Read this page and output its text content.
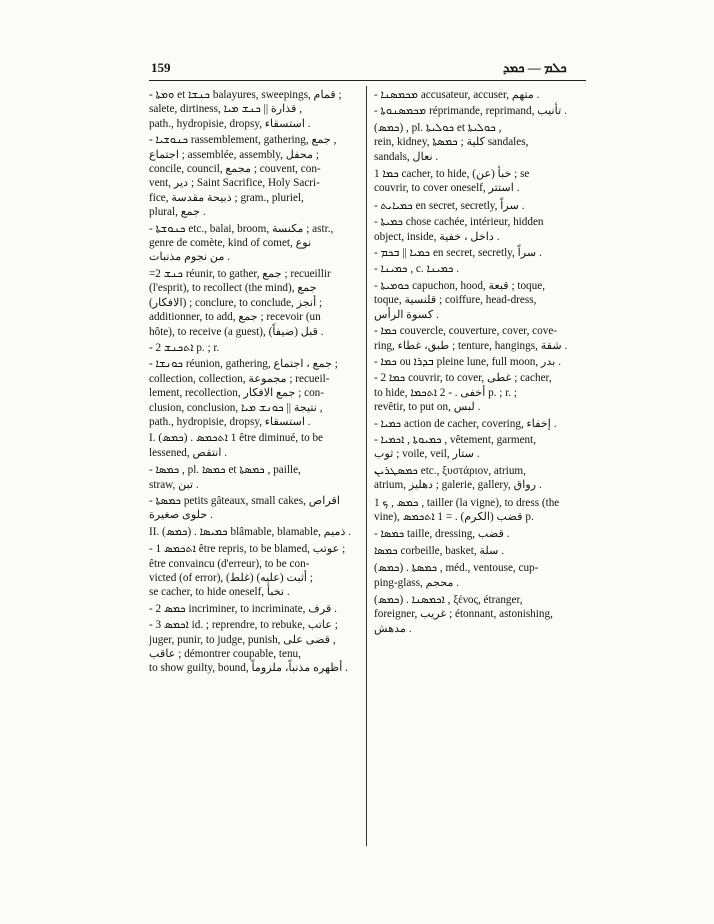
159	ܟܠܡ — ܟܡܕ
- ܘܡܬܐ et ܟܢܫܐ balayures, sweepings, قمام ;
salete, dirtiness, قذارة || ܟܢܫ ܡܝܐ ,
path., hydropisie, dropsy, استسقاء .
- ܟܢܘܫܝܐ rassemblement, gathering, جمع ,
اجتماع ; assemblée, assembly, محفل ;
concile, council, مجمع ; couvent, con-
vent, دير ; Saint Sacrifice, Holy Sacri-
fice, ذبيحة مقدسة ; gram., pluriel,
plural, جمع .
- ܟܢܘܫܬܐ etc., balai, broom, مكنسة ; astr.,
genre de comète, kind of comet, نوع
من نجوم مذنبات .
=2 ܟܢܫ réunir, to gather, جمع ; recueillir
(l'esprit), to recollect (the mind), جمع
(الافكار) ; conclure, to conclude, أنجز ;
additionner, to add, جمع ; recevoir (un
hôte), to receive (a guest), قبل (ضيفاً) .
- 2 ܐܬܟܢܫ p. ; r.
- ܟܘܢܫܐ réunion, gathering, جمع ، اجتماع ;
collection, collection, مجموعة ; recueil-
lement, recollection, جمع الافكار ; con-
clusion, conclusion, نتيجة || ܟܘܢܫ ܡܝܐ ,
path., hydropisie, dropsy, استسقاء .
I. (ܟܡܣ) . 1 ܐܬܟܡܣ être diminué, to be
lessened, انتقص .
- ܟܡܣܐ , pl. ܟܡܣܐ et ܟܡܣܬܐ , paille,
straw, تبن .
- ܟܡܣܬܐ petits gâteaux, small cakes, اقراص
حلوى صغيرة .
II. (ܟܡܣ) . ܟܡܝܣܐ blâmable, blamable, ذميم .
- 1 ܐܬܟܡܣ être repris, to be blamed, عوتب ;
être convaincu (d'erreur), to be con-
victed (of error), أثبت (عليه) (غلط) ;
se cacher, to hide oneself, تخبأ .
- 2 ܟܡܣ incriminer, to incriminate, قرف .
- 3 ܐܟܡܣ id. ; reprendre, to rebuke, عاتب ;
juger, punir, to judge, punish, قضى على ,
عاقب ; démontrer coupable, tenu,
to show guilty, bound, أظهره مذنباً، ملزوماً .
- ܡܟܡܣܢܐ accusateur, accuser, متهم .
- ܡܟܡܣܢܘܬܐ réprimande, reprimand, تأنيب .
(ܟܡܣ) , pl. ܟܘܠܝܬܐ et ܟܘܠܝܬܐ ,
rein, kidney, كلية ; ܟܡܣܬܐ sandales,
sandals, نعال .
1 ܟܡܐ cacher, to hide, خبأ (عن) ; se
couvrir, to cover oneself, استتر .
- ܟܡܝܐܝܬ en secret, secretly, سراً .
- ܟܡܝܬܐ chose cachée, intérieur, hidden
object, inside, داخل ، خفية .
- ܟܡܝܐ || ܒܟܡ en secret, secretly, سراً .
- ܟܡܝܢܐ , c. ܟܡܝܢܐ .
- ܟܘܡܝܬܐ capuchon, hood, قبعة ; toque,
toque, قلنسية ; coiffure, head-dress,
كسوة الرأس .
- ܟܡܐ couvercle, couverture, cover, cove-
ring, طبق، غطاء ; tenture, hangings, شقة .
- ܟܡܐ ou ܒܕܪܐ pleine lune, full moon, بدر .
- 2 ܟܡܐ couvrir, to cover, غطى ; cacher,
to hide, أخفى . - 2 ܐܬܟܡܐ p. ; r. ;
revêtir, to put on, لبس .
- ܟܡܝܐ action de cacher, covering, إخفاء .
- ܟܡܝܘܬܐ , ܐܟܡܝܐ , vêtement, garment,
ثوب ; voile, veil, ستار .
ܟܡܣܛܪܝܢ etc., ξυστάριον, atrium,
atrium, دهليز ; galerie, gallery, رواق .
1 ܟܡܣ , ܟ , tailler (la vigne), to dress (the
vine), قضب (الكرم) . = 1 ܐܬܟܡܣ p.
- ܟܡܣܐ taille, dressing, قضب .
ܟܡܣܐ corbeille, basket, سلة .
(ܟܡܣ) . ܟܡܣܬܐ , méd., ventouse, cup-
ping-glass, محجم .
(ܟܡܣ) . ܐܟܡܣܢܐ , ξένος, étranger,
foreigner, غريب ; étonnant, astonishing,
مدهش .
